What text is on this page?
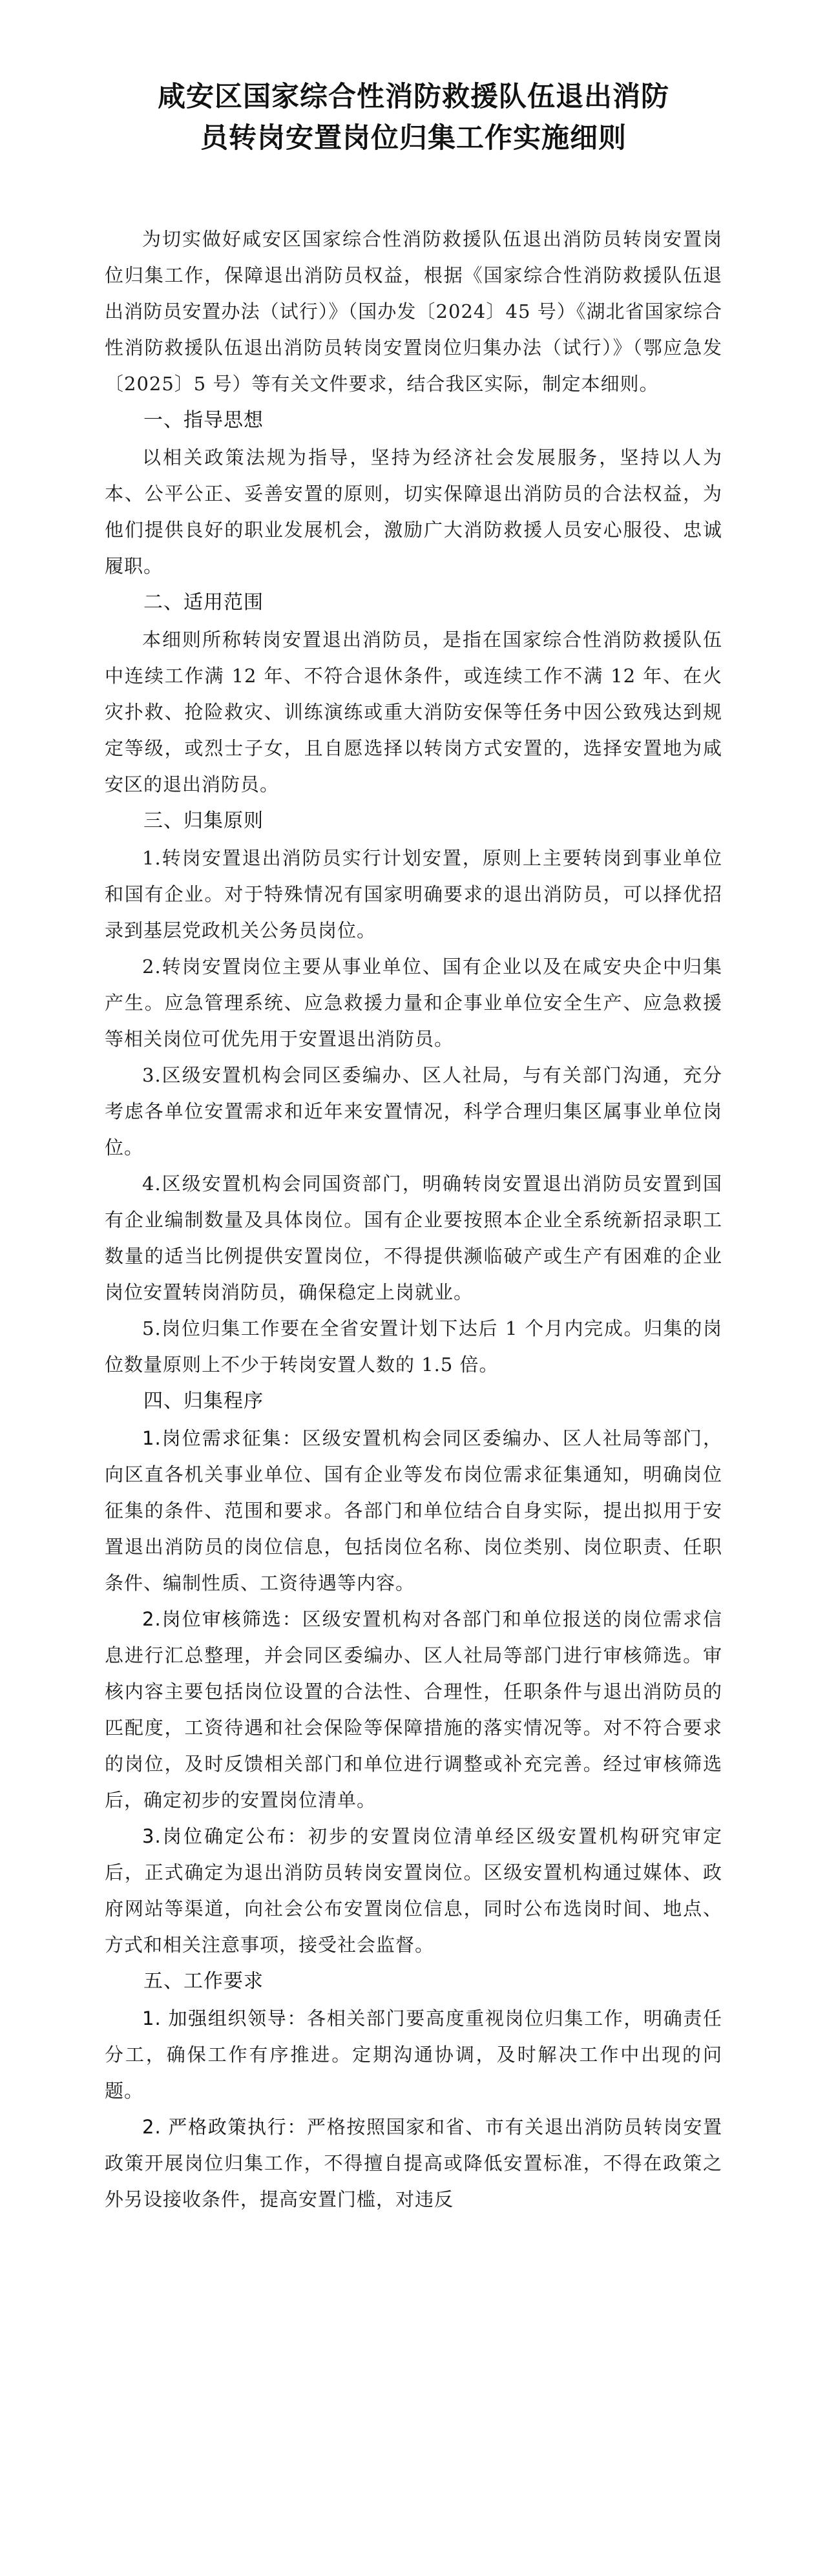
咸安区国家综合性消防救援队伍退出消防
员转岗安置岗位归集工作实施细则

为切实做好咸安区国家综合性消防救援队伍退出消防员转岗安置岗位归集工作，保障退出消防员权益，根据《国家综合性消防救援队伍退出消防员安置办法（试行）》（国办发〔2024〕45 号）《湖北省国家综合性消防救援队伍退出消防员转岗安置岗位归集办法（试行）》（鄂应急发〔2025〕5 号）等有关文件要求，结合我区实际，制定本细则。

一、指导思想

以相关政策法规为指导，坚持为经济社会发展服务，坚持以人为本、公平公正、妥善安置的原则，切实保障退出消防员的合法权益，为他们提供良好的职业发展机会，激励广大消防救援人员安心服役、忠诚履职。

二、适用范围

本细则所称转岗安置退出消防员，是指在国家综合性消防救援队伍中连续工作满 12 年、不符合退休条件，或连续工作不满 12 年、在火灾扑救、抢险救灾、训练演练或重大消防安保等任务中因公致残达到规定等级，或烈士子女，且自愿选择以转岗方式安置的，选择安置地为咸安区的退出消防员。

三、归集原则

1.转岗安置退出消防员实行计划安置，原则上主要转岗到事业单位和国有企业。对于特殊情况有国家明确要求的退出消防员，可以择优招录到基层党政机关公务员岗位。

2.转岗安置岗位主要从事业单位、国有企业以及在咸安央企中归集产生。应急管理系统、应急救援力量和企事业单位安全生产、应急救援等相关岗位可优先用于安置退出消防员。

3.区级安置机构会同区委编办、区人社局，与有关部门沟通，充分考虑各单位安置需求和近年来安置情况，科学合理归集区属事业单位岗位。

4.区级安置机构会同国资部门，明确转岗安置退出消防员安置到国有企业编制数量及具体岗位。国有企业要按照本企业全系统新招录职工数量的适当比例提供安置岗位，不得提供濒临破产或生产有困难的企业岗位安置转岗消防员，确保稳定上岗就业。

5.岗位归集工作要在全省安置计划下达后 1 个月内完成。归集的岗位数量原则上不少于转岗安置人数的 1.5 倍。

四、归集程序

1.岗位需求征集：区级安置机构会同区委编办、区人社局等部门，向区直各机关事业单位、国有企业等发布岗位需求征集通知，明确岗位征集的条件、范围和要求。各部门和单位结合自身实际，提出拟用于安置退出消防员的岗位信息，包括岗位名称、岗位类别、岗位职责、任职条件、编制性质、工资待遇等内容。

2.岗位审核筛选：区级安置机构对各部门和单位报送的岗位需求信息进行汇总整理，并会同区委编办、区人社局等部门进行审核筛选。审核内容主要包括岗位设置的合法性、合理性，任职条件与退出消防员的匹配度，工资待遇和社会保险等保障措施的落实情况等。对不符合要求的岗位，及时反馈相关部门和单位进行调整或补充完善。经过审核筛选后，确定初步的安置岗位清单。

3.岗位确定公布：初步的安置岗位清单经区级安置机构研究审定后，正式确定为退出消防员转岗安置岗位。区级安置机构通过媒体、政府网站等渠道，向社会公布安置岗位信息，同时公布选岗时间、地点、方式和相关注意事项，接受社会监督。

五、工作要求

1. 加强组织领导：各相关部门要高度重视岗位归集工作，明确责任分工，确保工作有序推进。定期沟通协调，及时解决工作中出现的问题。

2. 严格政策执行：严格按照国家和省、市有关退出消防员转岗安置政策开展岗位归集工作，不得擅自提高或降低安置标准，不得在政策之外另设接收条件，提高安置门槛，对违反
